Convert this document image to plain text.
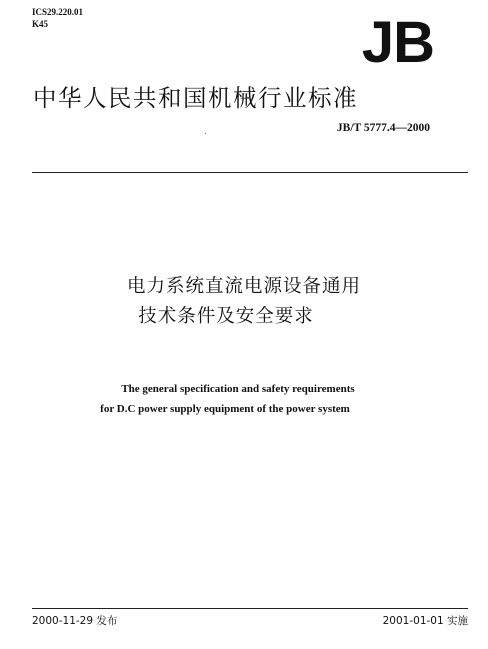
ICS29.220.01
K45	JB
中华人民共和国机械行业标准
JB/T 5777.4—2000
电力系统直流电源设备通用
技术条件及安全要求
The general specification and safety requirements
for D.C power supply equipment of the power system
2000-11-29 发布	2001-01-01 实施
